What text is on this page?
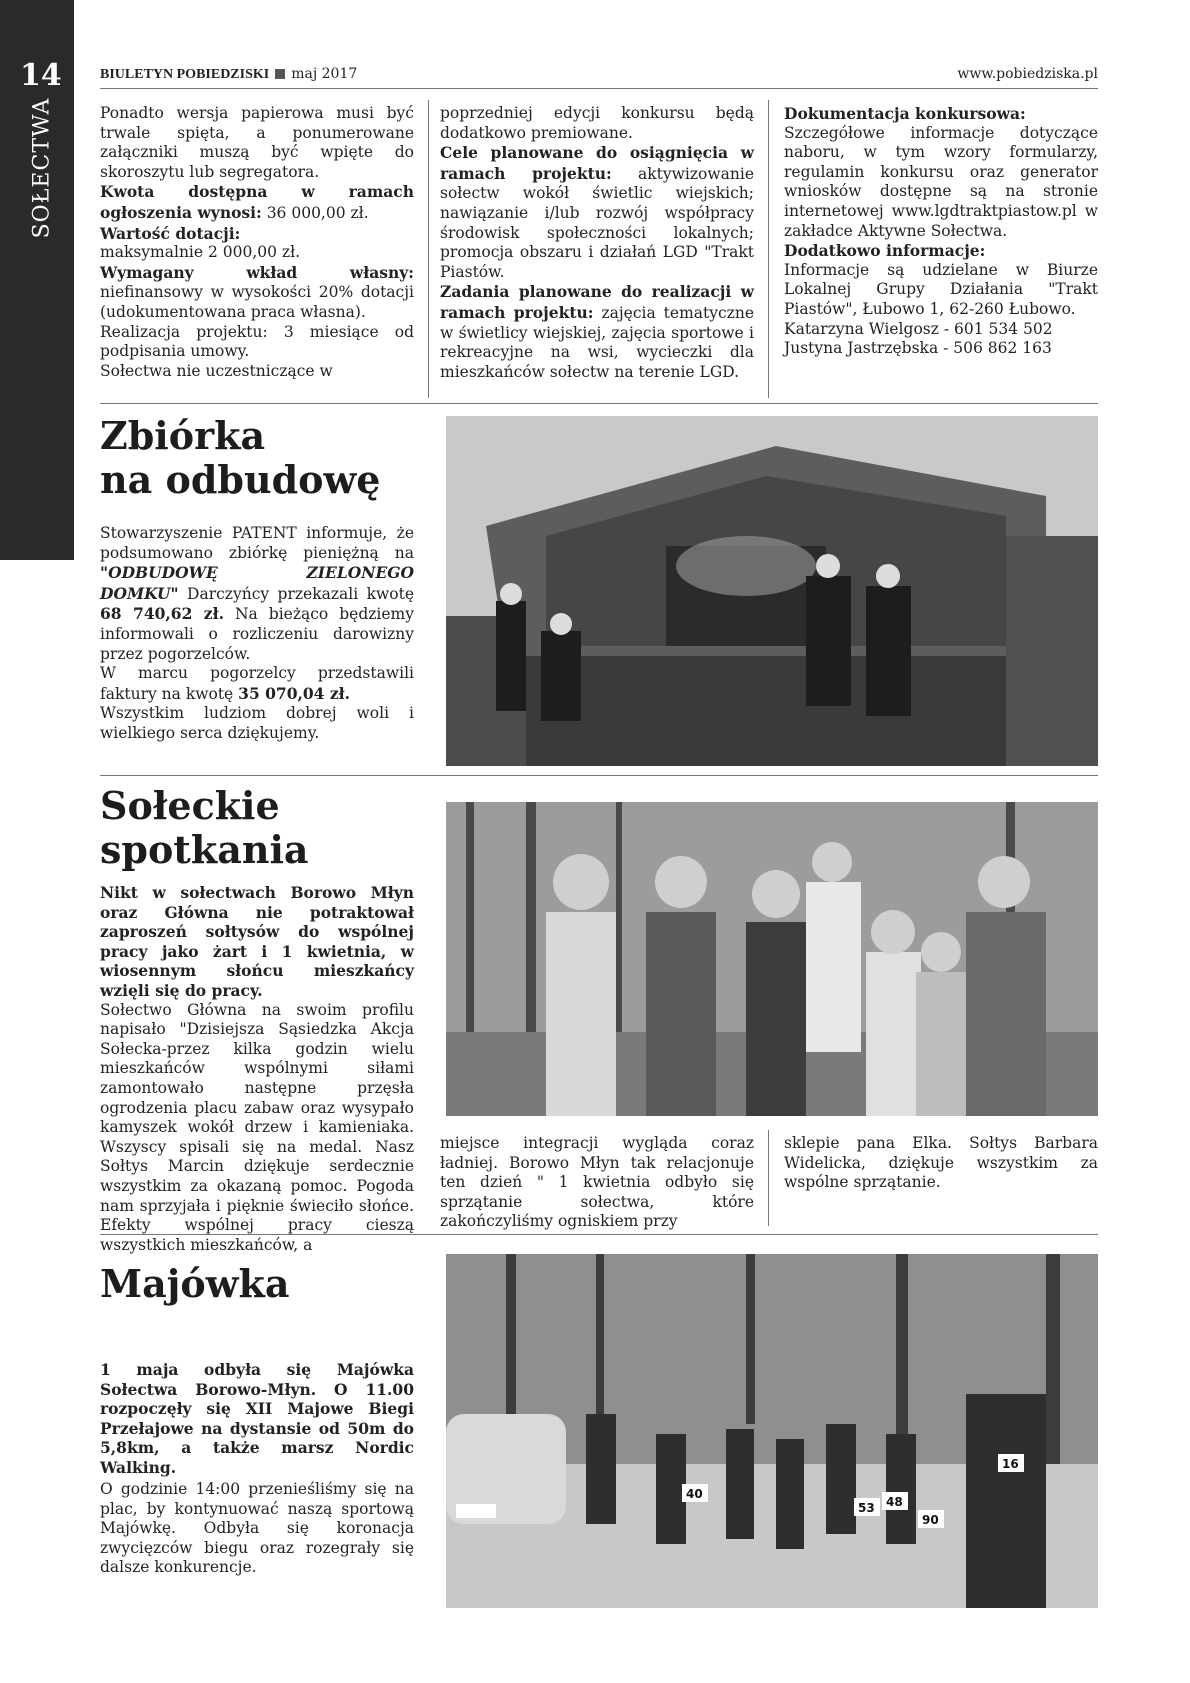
14
SOŁECTWA
BIULETYN POBIEDZISKI maj 2017	www.pobiedziska.pl

Ponadto wersja papierowa musi być trwale spięta, a ponumerowane załączniki muszą być wpięte do skoroszytu lub segregatora.

Kwota dostępna w ramach ogłoszenia wynosi: 36 000,00 zł.

Wartość dotacji:

maksymalnie 2 000,00 zł.

Wymagany wkład własny: niefinansowy w wysokości 20% dotacji (udokumentowana praca własna).

Realizacja projektu: 3 miesiące od podpisania umowy.

Sołectwa nie uczestniczące w

poprzedniej edycji konkursu będą dodatkowo premiowane.

Cele planowane do osiągnięcia w ramach projektu: aktywizowanie sołectw wokół świetlic wiejskich; nawiązanie i/lub rozwój współpracy środowisk społeczności lokalnych; promocja obszaru i działań LGD "Trakt Piastów.

Zadania planowane do realizacji w ramach projektu: zajęcia tematyczne w świetlicy wiejskiej, zajęcia sportowe i rekreacyjne na wsi, wycieczki dla mieszkańców sołectw na terenie LGD.

Dokumentacja konkursowa:

Szczegółowe informacje dotyczące naboru, w tym wzory formularzy, regulamin konkursu oraz generator wniosków dostępne są na stronie internetowej www.lgdtraktpiastow.pl w zakładce Aktywne Sołectwa.

Dodatkowo informacje:

Informacje są udzielane w Biurze Lokalnej Grupy Działania "Trakt Piastów", Łubowo 1, 62-260 Łubowo.

Katarzyna Wielgosz - 601 534 502

Justyna Jastrzębska - 506 862 163

Zbiórka
na odbudowę

Stowarzyszenie PATENT informuje, że podsumowano zbiórkę pieniężną na "ODBUDOWĘ ZIELONEGO DOMKU" Darczyńcy przekazali kwotę 68 740,62 zł. Na bieżąco będziemy informowali o rozliczeniu darowizny przez pogorzelców.

W marcu pogorzelcy przedstawili faktury na kwotę 35 070,04 zł.

Wszystkim ludziom dobrej woli i wielkiego serca dziękujemy.

Sołeckie
spotkania

Nikt w sołectwach Borowo Młyn oraz Główna nie potraktował zaproszeń sołtysów do wspólnej pracy jako żart i 1 kwietnia, w wiosennym słońcu mieszkańcy wzięli się do pracy.

Sołectwo Główna na swoim profilu napisało "Dzisiejsza Sąsiedzka Akcja Sołecka-przez kilka godzin wielu mieszkańców wspólnymi siłami zamontowało następne przęsła ogrodzenia placu zabaw oraz wysypało kamyszek wokół drzew i kamieniaka. Wszyscy spisali się na medal. Nasz Sołtys Marcin dziękuje serdecznie wszystkim za okazaną pomoc. Pogoda nam sprzyjała i pięknie świeciło słońce. Efekty wspólnej pracy cieszą wszystkich mieszkańców, a

miejsce integracji wygląda coraz ładniej. Borowo Młyn tak relacjonuje ten dzień " 1 kwietnia odbyło się sprzątanie sołectwa, które zakończyliśmy ogniskiem przy
sklepie pana Elka. Sołtys Barbara Widelicka, dziękuje wszystkim za wspólne sprzątanie.
Majówka

1 maja odbyła się Majówka Sołectwa Borowo-Młyn. O 11.00 rozpoczęły się XII Majowe Biegi Przełajowe na dystansie od 50m do 5,8km, a także marsz Nordic Walking.

O godzinie 14:00 przenieśliśmy się na plac, by kontynuować naszą sportową Majówkę. Odbyła się koronacja zwycięzców biegu oraz rozegrały się dalsze konkurencje.

40
53 48
90
16
